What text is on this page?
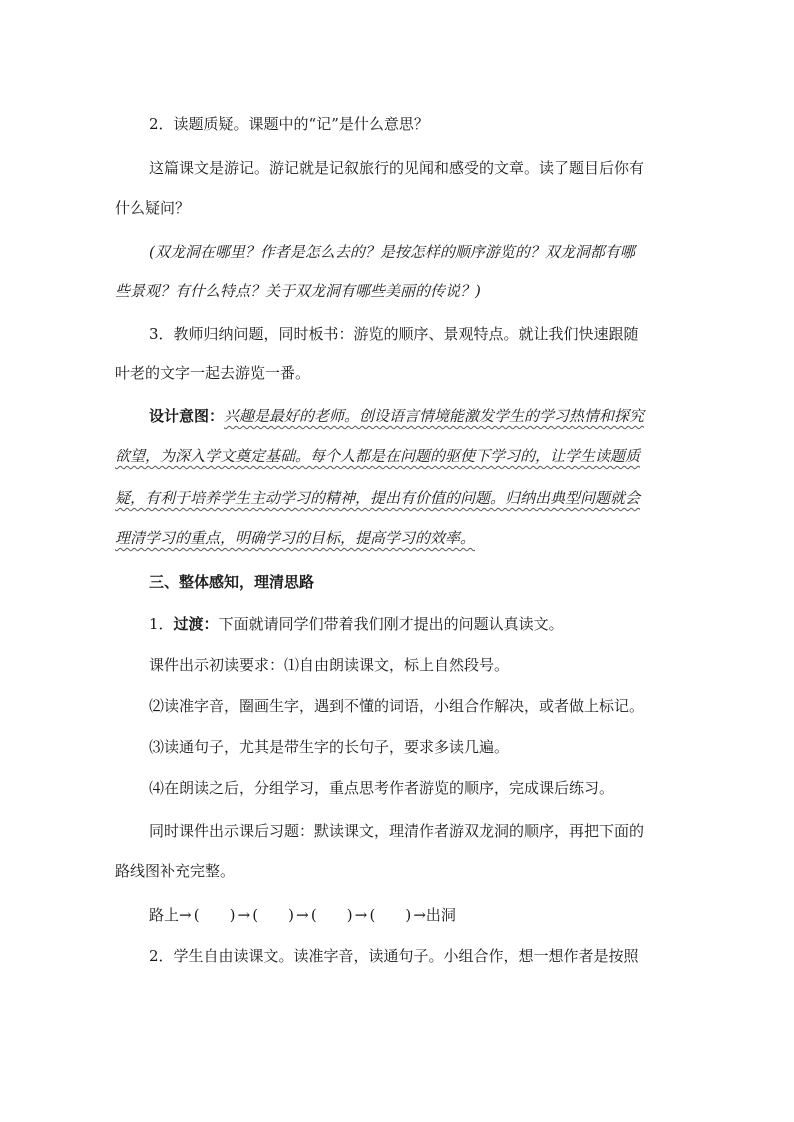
2．读题质疑。课题中的“记”是什么意思？
这篇课文是游记。游记就是记叙旅行的见闻和感受的文章。读了题目后你有
什么疑问？
(双龙洞在哪里？作者是怎么去的？是按怎样的顺序游览的？双龙洞都有哪
些景观？有什么特点？关于双龙洞有哪些美丽的传说？)
3．教师归纳问题，同时板书：游览的顺序、景观特点。就让我们快速跟随
叶老的文字一起去游览一番。
设计意图：兴趣是最好的老师。创设语言情境能激发学生的学习热情和探究
欲望，为深入学文奠定基础。每个人都是在问题的驱使下学习的，让学生读题质
疑，有利于培养学生主动学习的精神，提出有价值的问题。归纳出典型问题就会
理清学习的重点，明确学习的目标，提高学习的效率。
三、整体感知，理清思路
1．过渡：下面就请同学们带着我们刚才提出的问题认真读文。
课件出示初读要求：⑴自由朗读课文，标上自然段号。
⑵读准字音，圈画生字，遇到不懂的词语，小组合作解决，或者做上标记。
⑶读通句子，尤其是带生字的长句子，要求多读几遍。
⑷在朗读之后，分组学习，重点思考作者游览的顺序，完成课后练习。
同时课件出示课后习题：默读课文，理清作者游双龙洞的顺序，再把下面的
路线图补充完整。
路上→ (　　 ) → (　　 ) → (　　 ) → (　　 ) →出洞
2．学生自由读课文。读准字音，读通句子。小组合作，想一想作者是按照
